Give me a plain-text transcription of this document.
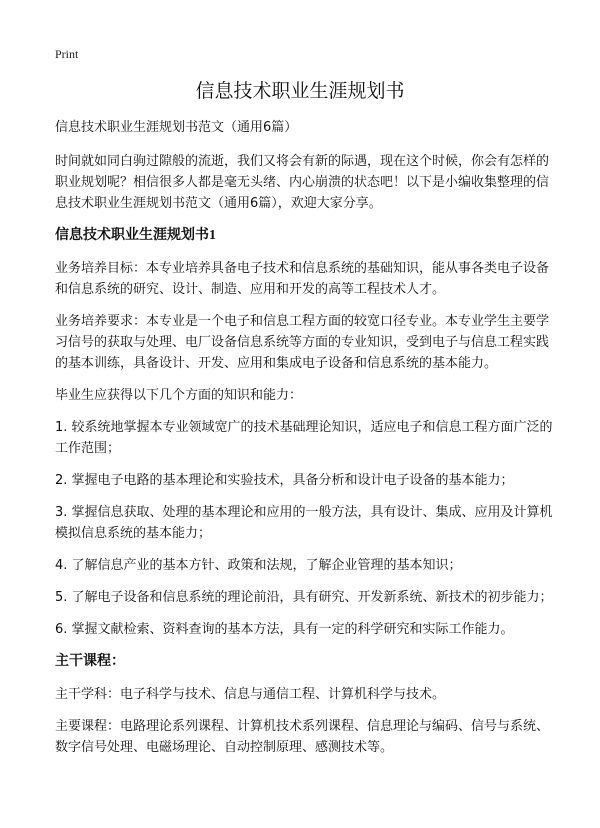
Print
信息技术职业生涯规划书

信息技术职业生涯规划书范文（通用6篇）

时间就如同白驹过隙般的流逝，我们又将会有新的际遇，现在这个时候，你会有怎样的职业规划呢？相信很多人都是毫无头绪、内心崩溃的状态吧！以下是小编收集整理的信息技术职业生涯规划书范文（通用6篇），欢迎大家分享。

信息技术职业生涯规划书1

业务培养目标：本专业培养具备电子技术和信息系统的基础知识，能从事各类电子设备和信息系统的研究、设计、制造、应用和开发的高等工程技术人才。

业务培养要求：本专业是一个电子和信息工程方面的较宽口径专业。本专业学生主要学习信号的获取与处理、电厂设备信息系统等方面的专业知识，受到电子与信息工程实践的基本训练，具备设计、开发、应用和集成电子设备和信息系统的基本能力。

毕业生应获得以下几个方面的知识和能力：

1. 较系统地掌握本专业领域宽广的技术基础理论知识，适应电子和信息工程方面广泛的工作范围；

2. 掌握电子电路的基本理论和实验技术，具备分析和设计电子设备的基本能力；

3. 掌握信息获取、处理的基本理论和应用的一般方法，具有设计、集成、应用及计算机模拟信息系统的基本能力；

4. 了解信息产业的基本方针、政策和法规，了解企业管理的基本知识；

5. 了解电子设备和信息系统的理论前沿，具有研究、开发新系统、新技术的初步能力；

6. 掌握文献检索、资料查询的基本方法，具有一定的科学研究和实际工作能力。

主干课程：

主干学科：电子科学与技术、信息与通信工程、计算机科学与技术。

主要课程：电路理论系列课程、计算机技术系列课程、信息理论与编码、信号与系统、数字信号处理、电磁场理论、自动控制原理、感测技术等。
